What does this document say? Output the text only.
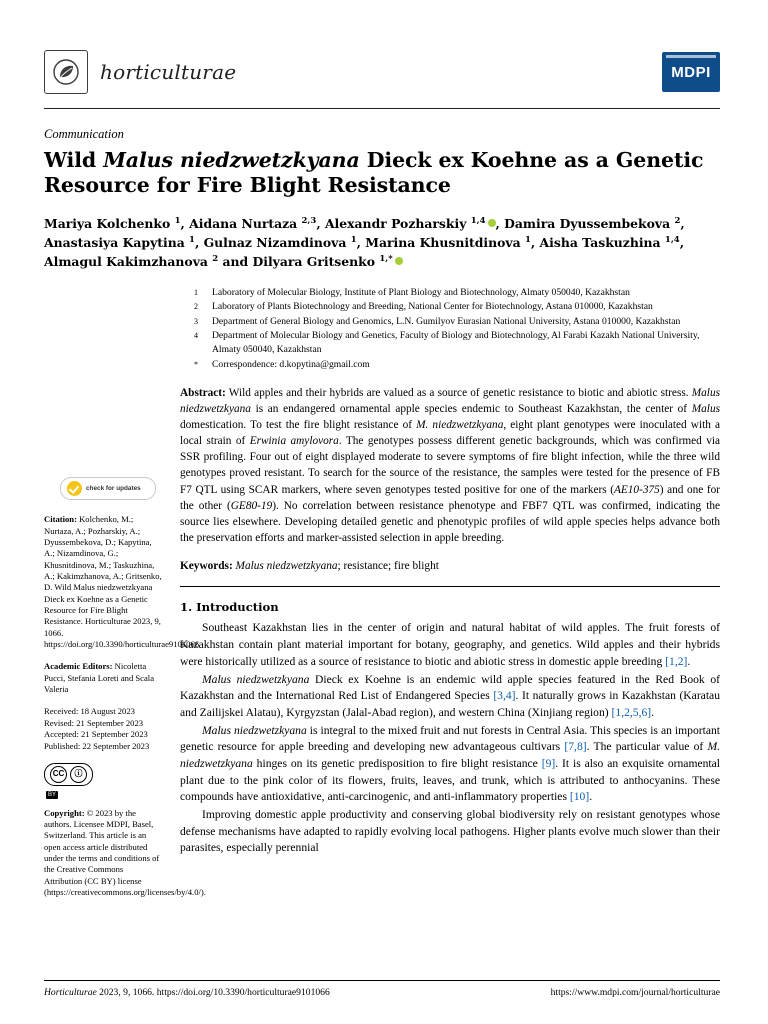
horticulturae	MDPI
Communication
Wild Malus niedzwetzkyana Dieck ex Koehne as a Genetic
Resource for Fire Blight Resistance
Mariya Kolchenko $^1$, Aidana Nurtaza $^{2,3}$, Alexandr Pozharskiy $^{1,4}$ , Damira Dyussembekova $^2$, Anastasiya Kapytina $^1$, Gulnaz Nizamdinova $^1$, Marina Khusnitdinova $^1$, Aisha Taskuzhina $^{1,4}$, Almagul Kakimzhanova $^2$ and Dilyara Gritsenko $^{1,*}$
1	Laboratory of Molecular Biology, Institute of Plant Biology and Biotechnology, Almaty 050040, Kazakhstan
2	Laboratory of Plants Biotechnology and Breeding, National Center for Biotechnology, Astana 010000, Kazakhstan
3	Department of General Biology and Genomics, L.N. Gumilyov Eurasian National University, Astana 010000, Kazakhstan
4	Department of Molecular Biology and Genetics, Faculty of Biology and Biotechnology, Al Farabi Kazakh National University, Almaty 050040, Kazakhstan
*	Correspondence: d.kopytina@gmail.com
check for updates
Citation: Kolchenko, M.; Nurtaza, A.; Pozharskiy, A.; Dyussembekova, D.; Kapytina, A.; Nizamdinova, G.; Khusnitdinova, M.; Taskuzhina, A.; Kakimzhanova, A.; Gritsenko, D. Wild Malus niedzwetzkyana Dieck ex Koehne as a Genetic Resource for Fire Blight Resistance. Horticulturae 2023, 9, 1066. https://doi.org/10.3390/horticulturae9101066
Academic Editors: Nicoletta Pucci, Stefania Loreti and Scala Valeria
Received: 18 August 2023
Revised: 21 September 2023
Accepted: 21 September 2023
Published: 22 September 2023
CC	ⓘ
BY
Copyright: © 2023 by the authors. Licensee MDPI, Basel, Switzerland. This article is an open access article distributed under the terms and conditions of the Creative Commons Attribution (CC BY) license (https://creativecommons.org/licenses/by/4.0/).
Abstract: Wild apples and their hybrids are valued as a source of genetic resistance to biotic and abiotic stress. Malus niedzwetzkyana is an endangered ornamental apple species endemic to Southeast Kazakhstan, the center of Malus domestication. To test the fire blight resistance of M. niedzwetzkyana, eight plant genotypes were inoculated with a local strain of Erwinia amylovora. The genotypes possess different genetic backgrounds, which was confirmed via SSR profiling. Four out of eight displayed moderate to severe symptoms of fire blight infection, while the three wild genotypes proved resistant. To search for the source of the resistance, the samples were tested for the presence of FB F7 QTL using SCAR markers, where seven genotypes tested positive for one of the markers (AE10-375) and one for the other (GE80-19). No correlation between resistance phenotype and FBF7 QTL was confirmed, indicating the source lies elsewhere. Developing detailed genetic and phenotypic profiles of wild apple species helps advance both the preservation efforts and marker-assisted selection in apple breeding.
Keywords: Malus niedzwetzkyana; resistance; fire blight
1. Introduction

Southeast Kazakhstan lies in the center of origin and natural habitat of wild apples. The fruit forests of Kazakhstan contain plant material important for botany, geography, and genetics. Wild apples and their hybrids were historically utilized as a source of resistance to biotic and abiotic stress in domestic apple breeding [1,2].

Malus niedzwetzkyana Dieck ex Koehne is an endemic wild apple species featured in the Red Book of Kazakhstan and the International Red List of Endangered Species [3,4]. It naturally grows in Kazakhstan (Karatau and Zailijskei Alatau), Kyrgyzstan (Jalal-Abad region), and western China (Xinjiang region) [1,2,5,6].

Malus niedzwetzkyana is integral to the mixed fruit and nut forests in Central Asia. This species is an important genetic resource for apple breeding and developing new advantageous cultivars [7,8]. The particular value of M. niedzwetzkyana hinges on its genetic predisposition to fire blight resistance [9]. It is also an exquisite ornamental plant due to the pink color of its flowers, fruits, leaves, and trunk, which is attributed to anthocyanins. These compounds have antioxidative, anti-carcinogenic, and anti-inflammatory properties [10].

Improving domestic apple productivity and conserving global biodiversity rely on resistant genotypes whose defense mechanisms have adapted to rapidly evolving local pathogens. Higher plants evolve much slower than their parasites, especially perennial

Horticulturae 2023, 9, 1066. https://doi.org/10.3390/horticulturae9101066	https://www.mdpi.com/journal/horticulturae
